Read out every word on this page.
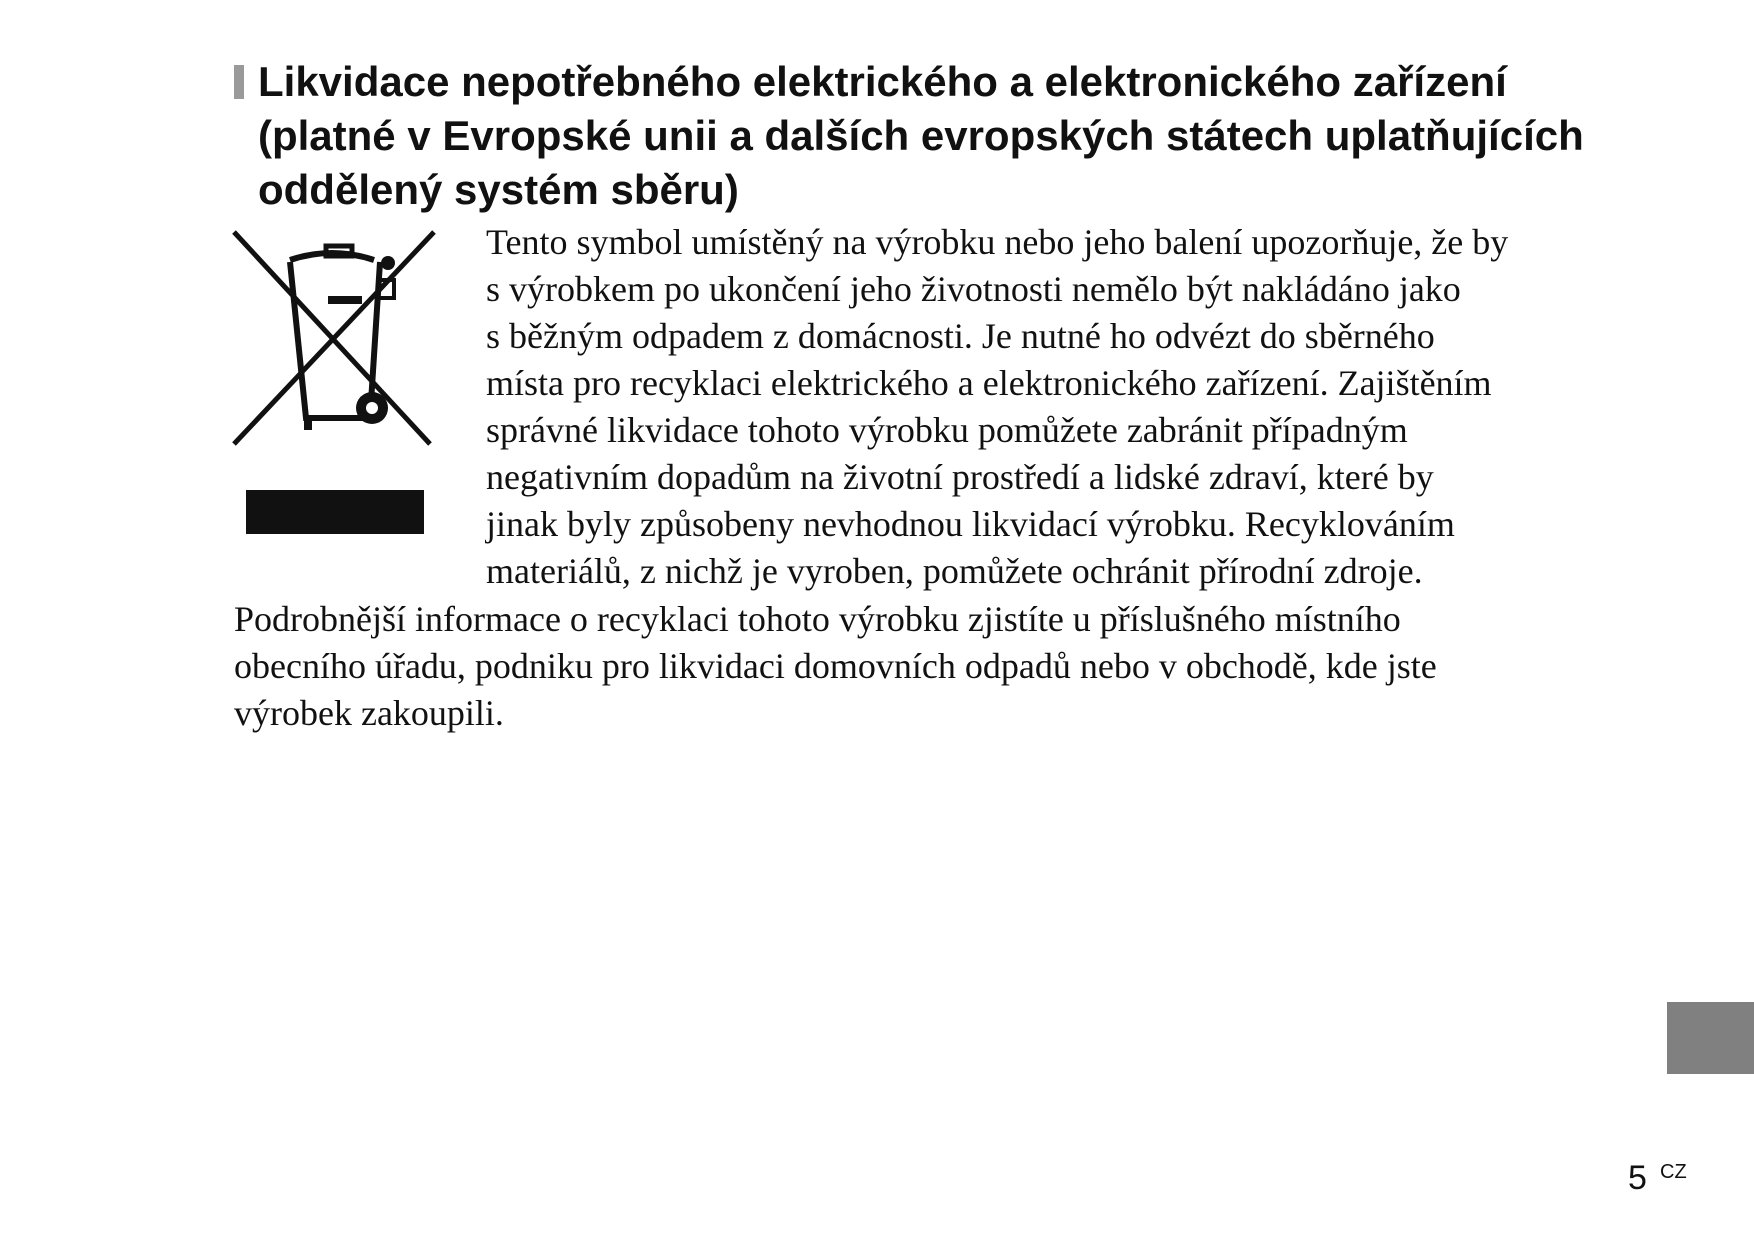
Likvidace nepotřebného elektrického a elektronického zařízení
(platné v Evropské unii a dalších evropských státech uplatňujících
oddělený systém sběru)
Tento symbol umístěný na výrobku nebo jeho balení upozorňuje, že by
s výrobkem po ukončení jeho životnosti nemělo být nakládáno jako
s běžným odpadem z domácnosti. Je nutné ho odvézt do sběrného
místa pro recyklaci elektrického a elektronického zařízení. Zajištěním
správné likvidace tohoto výrobku pomůžete zabránit případným
negativním dopadům na životní prostředí a lidské zdraví, které by
jinak byly způsobeny nevhodnou likvidací výrobku. Recyklováním
materiálů, z nichž je vyroben, pomůžete ochránit přírodní zdroje.
Podrobnější informace o recyklaci tohoto výrobku zjistíte u příslušného místního
obecního úřadu, podniku pro likvidaci domovních odpadů nebo v obchodě, kde jste
výrobek zakoupili.
5 CZ
